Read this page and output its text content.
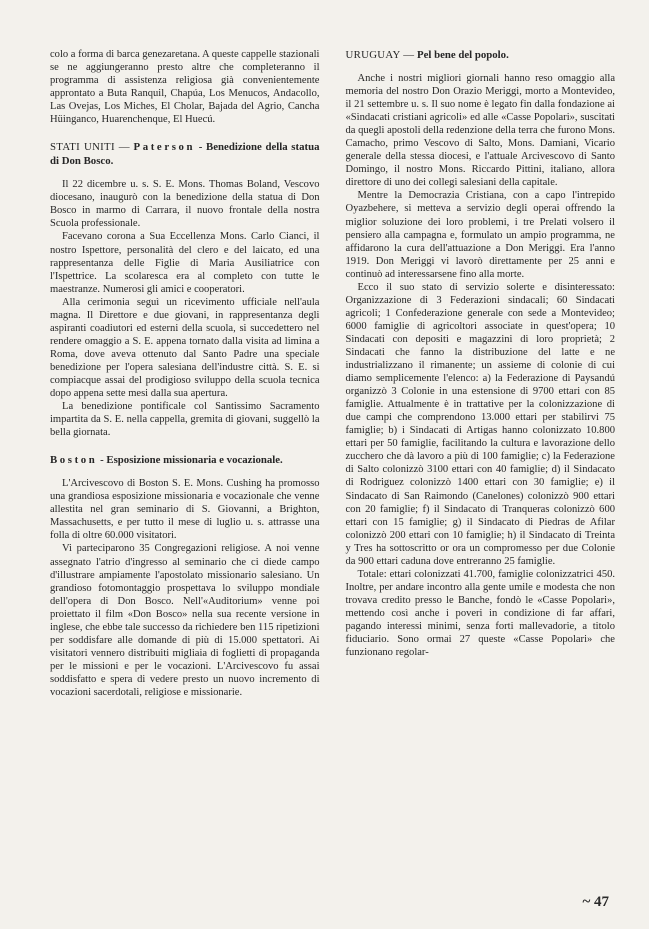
colo a forma di barca genezaretana. A queste cappelle stazionali se ne aggiungeranno presto altre che completeranno il programma di assistenza religiosa già convenientemente approntato a Buta Ranquil, Chapúa, Los Menucos, Andacollo, Las Ovejas, Los Miches, El Cholar, Bajada del Agrio, Cancha Hüinganco, Huarenchenque, El Huecú.

STATI UNITI — Paterson - Benedizione della statua di Don Bosco.

Il 22 dicembre u. s. S. E. Mons. Thomas Boland, Vescovo diocesano, inaugurò con la benedizione della statua di Don Bosco in marmo di Carrara, il nuovo frontale della nostra Scuola professionale.

Facevano corona a Sua Eccellenza Mons. Carlo Cianci, il nostro Ispettore, personalità del clero e del laicato, ed una rappresentanza delle Figlie di Maria Ausiliatrice con l'Ispettrice. La scolaresca era al completo con tutte le maestranze. Numerosi gli amici e cooperatori.

Alla cerimonia seguì un ricevimento ufficiale nell'aula magna. Il Direttore e due giovani, in rappresentanza degli aspiranti coadiutori ed esterni della scuola, si succedettero nel rendere omaggio a S. E. appena tornato dalla visita ad limina a Roma, dove aveva ottenuto dal Santo Padre una speciale benedizione per l'opera salesiana dell'industre città. S. E. si compiacque assai del prodigioso sviluppo della scuola tecnica dopo appena sette mesi dalla sua apertura.

La benedizione pontificale col Santissimo Sacramento impartita da S. E. nella cappella, gremita di giovani, suggellò la bella giornata.

Boston - Esposizione missionaria e vocazionale.

L'Arcivescovo di Boston S. E. Mons. Cushing ha promosso una grandiosa esposizione missionaria e vocazionale che venne allestita nel gran seminario di S. Giovanni, a Brighton, Massachusetts, e per tutto il mese di luglio u. s. attrasse una folla di oltre 60.000 visitatori.

Vi parteciparono 35 Congregazioni religiose. A noi venne assegnato l'atrio d'ingresso al seminario che ci diede campo d'illustrare ampiamente l'apostolato missionario salesiano. Un grandioso fotomontaggio prospettava lo sviluppo mondiale dell'opera di Don Bosco. Nell'«Auditorium» venne poi proiettato il film «Don Bosco» nella sua recente versione in inglese, che ebbe tale successo da richiedere ben 115 ripetizioni per soddisfare alle domande di più di 15.000 spettatori. Ai visitatori vennero distribuiti migliaia di foglietti di propaganda per le missioni e per le vocazioni. L'Arcivescovo fu assai soddisfatto e spera di vedere presto un nuovo incremento di vocazioni sacerdotali, religiose e missionarie.

URUGUAY — Pel bene del popolo.

Anche i nostri migliori giornali hanno reso omaggio alla memoria del nostro Don Orazio Meriggi, morto a Montevideo, il 21 settembre u. s. Il suo nome è legato fin dalla fondazione ai «Sindacati cristiani agricoli» ed alle «Casse Popolari», suscitati da quegli apostoli della redenzione della terra che furono Mons. Camacho, primo Vescovo di Salto, Mons. Damiani, Vicario generale della stessa diocesi, e l'attuale Arcivescovo di Santo Domingo, il nostro Mons. Riccardo Pittini, italiano, allora direttore di uno dei collegi salesiani della capitale.

Mentre la Democrazia Cristiana, con a capo l'intrepido Oyazbehere, si metteva a servizio degli operai offrendo la miglior soluzione dei loro problemi, i tre Prelati volsero il pensiero alla campagna e, formulato un ampio programma, ne affidarono la cura dell'attuazione a Don Meriggi. Era l'anno 1919. Don Meriggi vi lavorò direttamente per 25 anni e continuò ad interessarsene fino alla morte.

Ecco il suo stato di servizio solerte e disinteressato: Organizzazione di 3 Federazioni sindacali; 60 Sindacati agricoli; 1 Confederazione generale con sede a Montevideo; 6000 famiglie di agricoltori associate in quest'opera; 10 Sindacati con depositi e magazzini di loro proprietà; 2 Sindacati che fanno la distribuzione del latte e ne industrializzano il rimanente; un assieme di colonie di cui diamo semplicemente l'elenco: a) la Federazione di Paysandú organizzò 3 Colonie in una estensione di 9700 ettari con 85 famiglie. Attualmente è in trattative per la colonizzazione di due campi che comprendono 13.000 ettari per stabilirvi 75 famiglie; b) i Sindacati di Artigas hanno colonizzato 10.800 ettari per 50 famiglie, facilitando la cultura e lavorazione dello zucchero che dà lavoro a più di 100 famiglie; c) la Federazione di Salto colonizzò 3100 ettari con 40 famiglie; d) il Sindacato di Rodriguez colonizzò 1400 ettari con 30 famiglie; e) il Sindacato di San Raimondo (Canelones) colonizzò 900 ettari con 20 famiglie; f) il Sindacato di Tranqueras colonizzò 600 ettari con 15 famiglie; g) il Sindacato di Piedras de Afilar colonizzò 200 ettari con 10 famiglie; h) il Sindacato di Treinta y Tres ha sottoscritto or ora un compromesso per due Colonie da 900 ettari caduna dove entreranno 25 famiglie.

Totale: ettari colonizzati 41.700, famiglie colonizzatrici 450. Inoltre, per andare incontro alla gente umile e modesta che non trovava credito presso le Banche, fondò le «Casse Popolari», mettendo così anche i poveri in condizione di far affari, pagando interessi minimi, senza forti mallevadorie, a titolo fiduciario. Sono ormai 27 queste «Casse Popolari» che funzionano regolar-

~ 47
